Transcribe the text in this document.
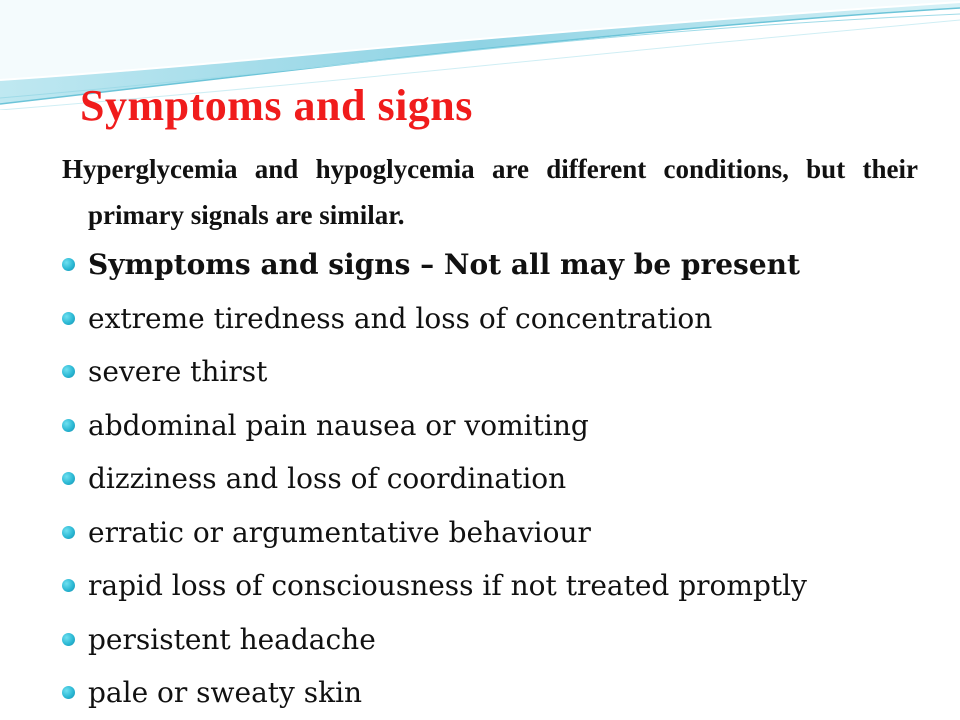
Symptoms and signs

Hyperglycemia and hypoglycemia are different conditions, but their primary signals are similar.

Symptoms and signs – Not all may be present
extreme tiredness and loss of concentration
severe thirst
abdominal pain nausea or vomiting
dizziness and loss of coordination
erratic or argumentative behaviour
rapid loss of consciousness if not treated promptly
persistent headache
pale or sweaty skin
